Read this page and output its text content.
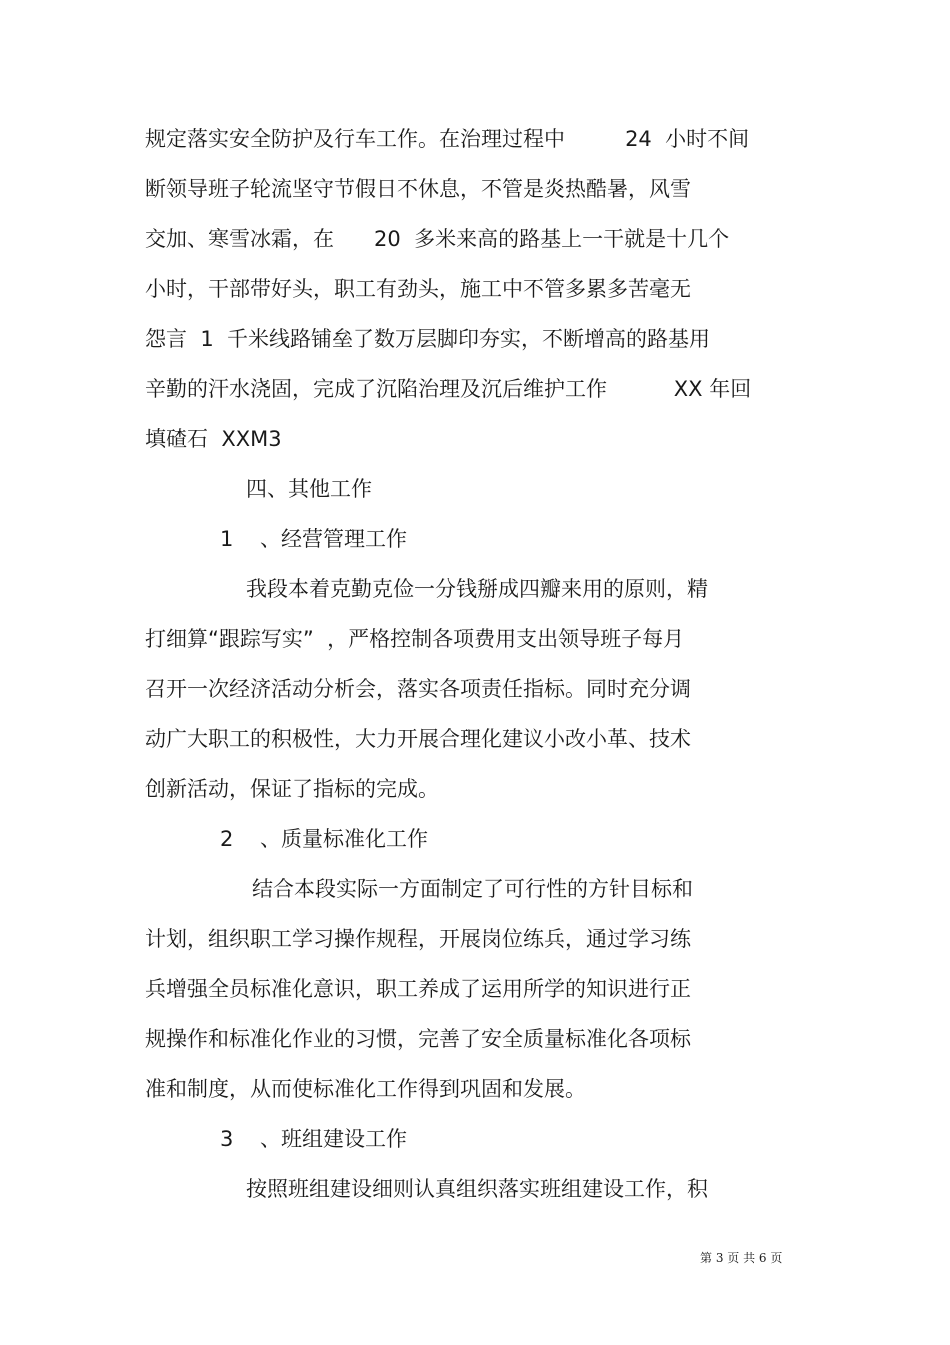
规定落实安全防护及行车工作。在治理过程中         24  小时不间
断领导班子轮流坚守节假日不休息，不管是炎热酷暑，风雪
交加、寒雪冰霜，在      20  多米来高的路基上一干就是十几个
小时，干部带好头，职工有劲头，施工中不管多累多苦毫无
怨言  1  千米线路铺垒了数万层脚印夯实，不断增高的路基用
辛勤的汗水浇固，完成了沉陷治理及沉后维护工作          XX 年回
填碴石  XXM3
四、其他工作
1    、经营管理工作
我段本着克勤克俭一分钱掰成四瓣来用的原则，精
打细算“跟踪写实”  ，严格控制各项费用支出领导班子每月
召开一次经济活动分析会，落实各项责任指标。同时充分调
动广大职工的积极性，大力开展合理化建议小改小革、技术
创新活动，保证了指标的完成。
2    、质量标准化工作
结合本段实际一方面制定了可行性的方针目标和
计划，组织职工学习操作规程，开展岗位练兵，通过学习练
兵增强全员标准化意识，职工养成了运用所学的知识进行正
规操作和标准化作业的习惯，完善了安全质量标准化各项标
准和制度，从而使标准化工作得到巩固和发展。
3    、班组建设工作
按照班组建设细则认真组织落实班组建设工作，积
第 3 页 共 6 页
